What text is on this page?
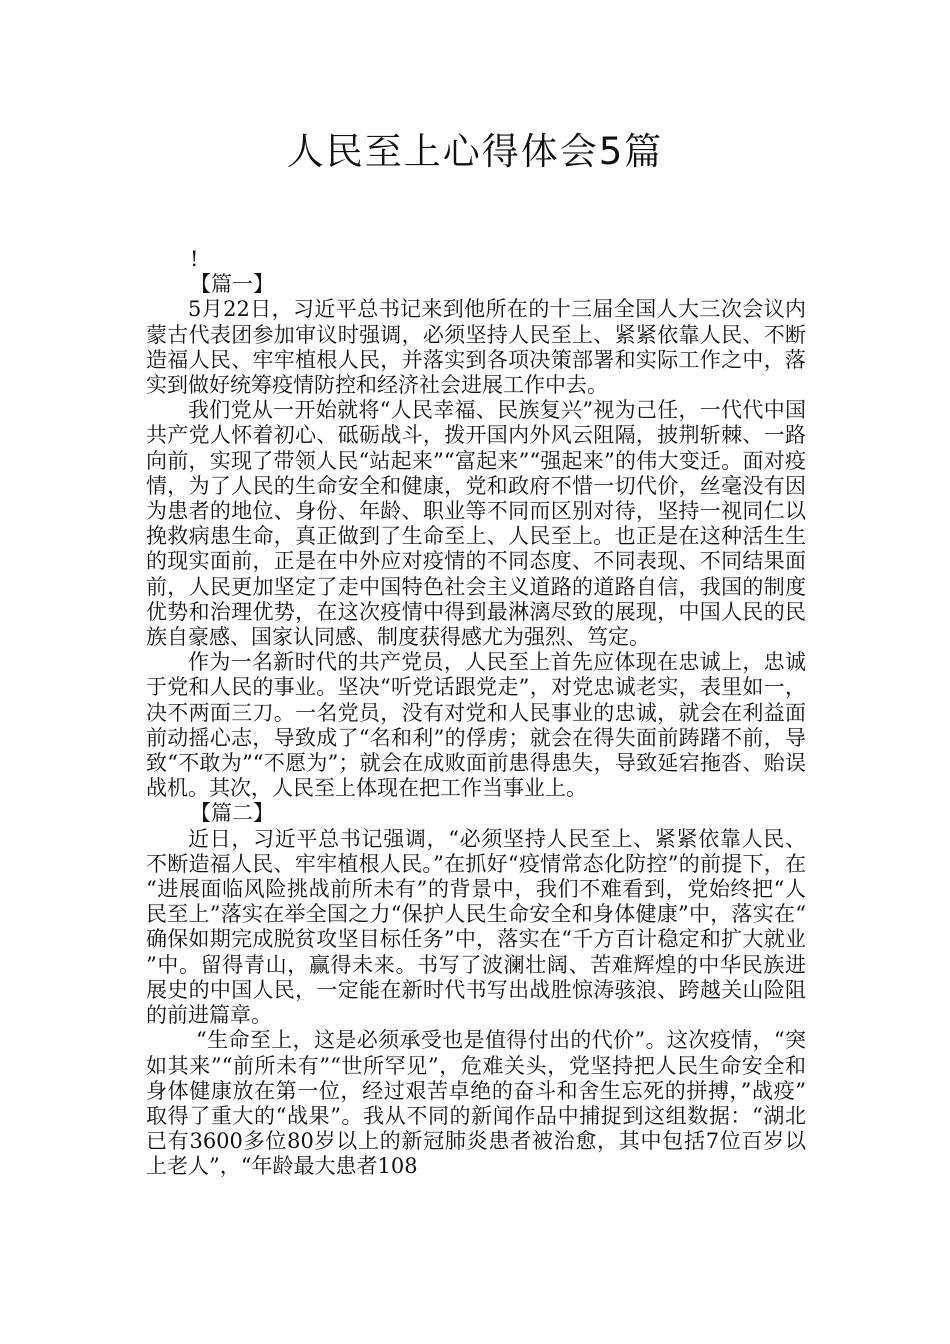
人民至上心得体会5篇

!

【篇一】

5月22日，习近平总书记来到他所在的十三届全国人大三次会议内蒙古代表团参加审议时强调，必须坚持人民至上、紧紧依靠人民、不断造福人民、牢牢植根人民，并落实到各项决策部署和实际工作之中，落实到做好统筹疫情防控和经济社会进展工作中去。

我们党从一开始就将“人民幸福、民族复兴”视为己任，一代代中国共产党人怀着初心、砥砺战斗，拨开国内外风云阻隔，披荆斩棘、一路向前，实现了带领人民“站起来”“富起来”“强起来”的伟大变迁。面对疫情，为了人民的生命安全和健康，党和政府不惜一切代价，丝毫没有因为患者的地位、身份、年龄、职业等不同而区别对待，坚持一视同仁以挽救病患生命，真正做到了生命至上、人民至上。也正是在这种活生生的现实面前，正是在中外应对疫情的不同态度、不同表现、不同结果面前，人民更加坚定了走中国特色社会主义道路的道路自信，我国的制度优势和治理优势，在这次疫情中得到最淋漓尽致的展现，中国人民的民族自豪感、国家认同感、制度获得感尤为强烈、笃定。

作为一名新时代的共产党员，人民至上首先应体现在忠诚上，忠诚于党和人民的事业。坚决“听党话跟党走”，对党忠诚老实，表里如一，决不两面三刀。一名党员，没有对党和人民事业的忠诚，就会在利益面前动摇心志，导致成了“名和利”的俘虏；就会在得失面前踌躇不前，导致“不敢为”“不愿为”；就会在成败面前患得患失，导致延宕拖沓、贻误战机。其次，人民至上体现在把工作当事业上。

【篇二】

近日，习近平总书记强调，“必须坚持人民至上、紧紧依靠人民、不断造福人民、牢牢植根人民。”在抓好“疫情常态化防控”的前提下，在“进展面临风险挑战前所未有”的背景中，我们不难看到，党始终把“人民至上”落实在举全国之力“保护人民生命安全和身体健康”中，落实在“确保如期完成脱贫攻坚目标任务”中，落实在“千方百计稳定和扩大就业”中。留得青山，赢得未来。书写了波澜壮阔、苦难辉煌的中华民族进展史的中国人民，一定能在新时代书写出战胜惊涛骇浪、跨越关山险阻的前进篇章。

“生命至上，这是必须承受也是值得付出的代价”。这次疫情，“突如其来”“前所未有”“世所罕见”，危难关头，党坚持把人民生命安全和身体健康放在第一位，经过艰苦卓绝的奋斗和舍生忘死的拼搏，”战疫”取得了重大的“战果”。我从不同的新闻作品中捕捉到这组数据：“湖北已有3600多位80岁以上的新冠肺炎患者被治愈，其中包括7位百岁以上老人”，“年龄最大患者108
